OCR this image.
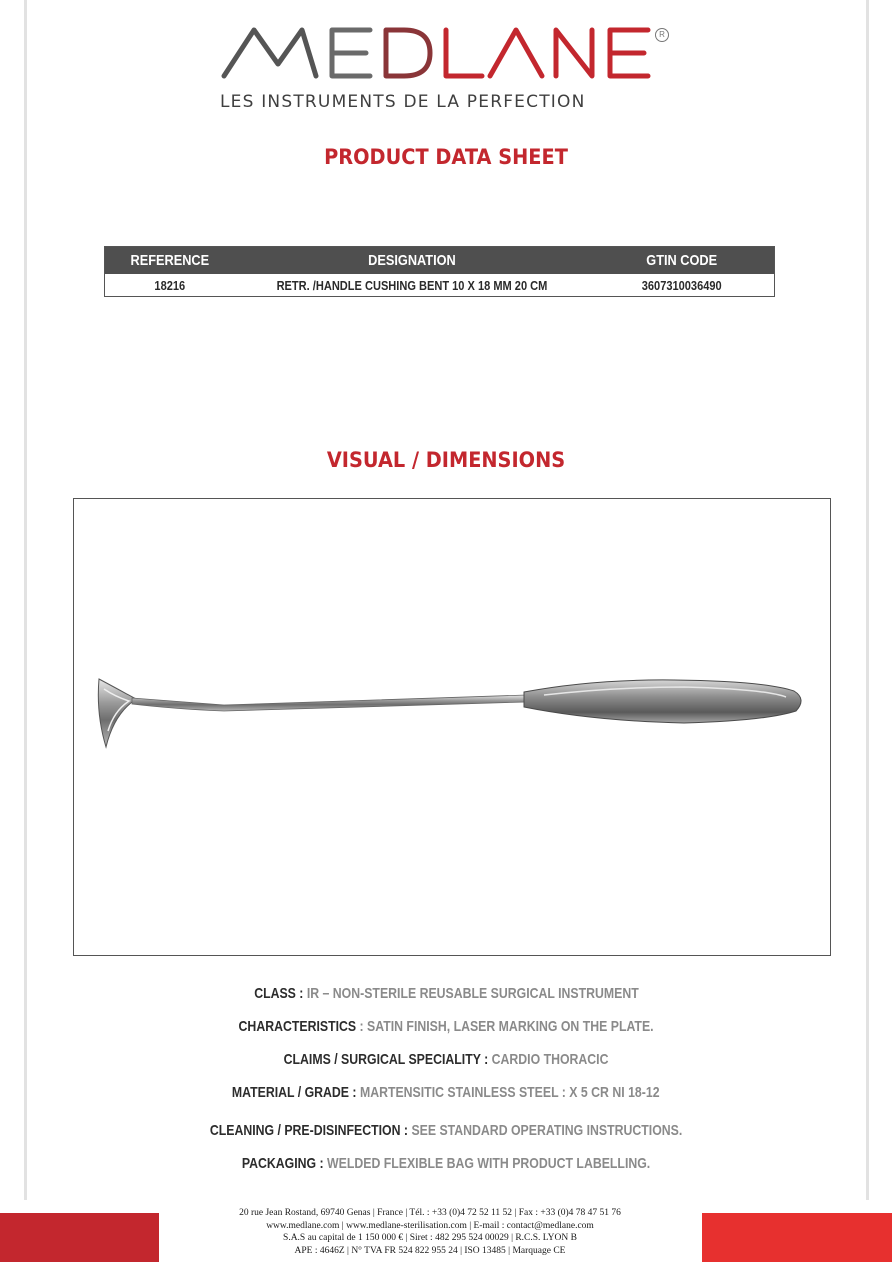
R
LES INSTRUMENTS DE LA PERFECTION
PRODUCT DATA SHEET
REFERENCE	DESIGNATION	GTIN CODE
18216	RETR. /HANDLE CUSHING BENT 10 X 18 MM 20 CM	3607310036490
VISUAL / DIMENSIONS
CLASS : IR – NON-STERILE REUSABLE SURGICAL INSTRUMENT
CHARACTERISTICS : SATIN FINISH, LASER MARKING ON THE PLATE.
CLAIMS / SURGICAL SPECIALITY : CARDIO THORACIC
MATERIAL / GRADE : MARTENSITIC STAINLESS STEEL : X 5 CR NI 18-12
CLEANING / PRE-DISINFECTION : SEE STANDARD OPERATING INSTRUCTIONS.
PACKAGING : WELDED FLEXIBLE BAG WITH PRODUCT LABELLING.
20 rue Jean Rostand, 69740 Genas | France | Tél. : +33 (0)4 72 52 11 52 | Fax : +33 (0)4 78 47 51 76
www.medlane.com | www.medlane-sterilisation.com | E-mail : contact@medlane.com
S.A.S au capital de 1 150 000 € | Siret : 482 295 524 00029 | R.C.S. LYON B
APE : 4646Z | N° TVA FR 524 822 955 24 | ISO 13485 | Marquage CE
